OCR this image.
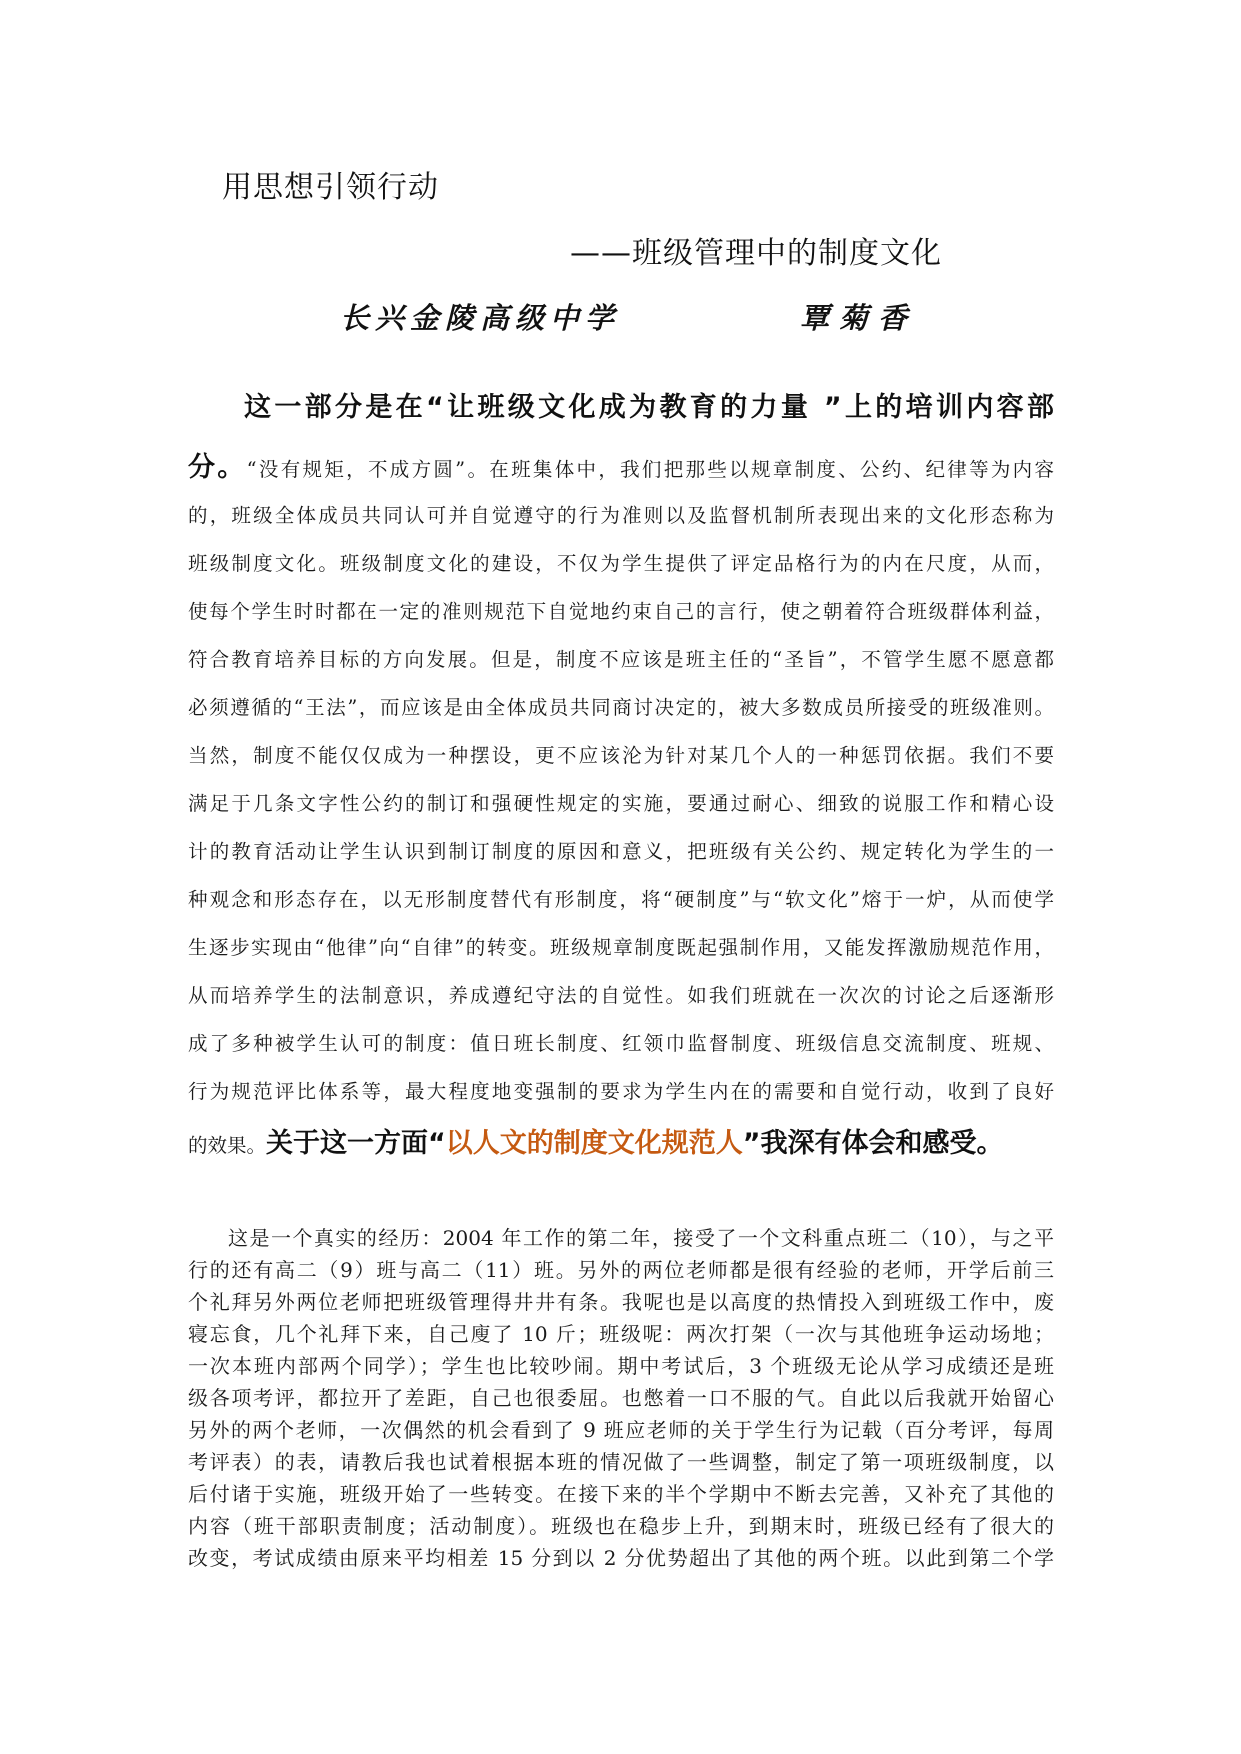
用思想引领行动
——班级管理中的制度文化
长兴金陵高级中学	覃菊香
这一部分是在“让班级文化成为教育的力量 ”上的培训内容部
分。“没有规矩，不成方圆”。在班集体中，我们把那些以规章制度、公约、纪律等为内容
的，班级全体成员共同认可并自觉遵守的行为准则以及监督机制所表现出来的文化形态称为
班级制度文化。班级制度文化的建设，不仅为学生提供了评定品格行为的内在尺度，从而，
使每个学生时时都在一定的准则规范下自觉地约束自己的言行，使之朝着符合班级群体利益，
符合教育培养目标的方向发展。但是，制度不应该是班主任的“圣旨”，不管学生愿不愿意都
必须遵循的“王法”，而应该是由全体成员共同商讨决定的，被大多数成员所接受的班级准则。
当然，制度不能仅仅成为一种摆设，更不应该沦为针对某几个人的一种惩罚依据。我们不要
满足于几条文字性公约的制订和强硬性规定的实施，要通过耐心、细致的说服工作和精心设
计的教育活动让学生认识到制订制度的原因和意义，把班级有关公约、规定转化为学生的一
种观念和形态存在，以无形制度替代有形制度，将“硬制度”与“软文化”熔于一炉，从而使学
生逐步实现由“他律”向“自律”的转变。班级规章制度既起强制作用，又能发挥激励规范作用，
从而培养学生的法制意识，养成遵纪守法的自觉性。如我们班就在一次次的讨论之后逐渐形
成了多种被学生认可的制度：值日班长制度、红领巾监督制度、班级信息交流制度、班规、
行为规范评比体系等，最大程度地变强制的要求为学生内在的需要和自觉行动，收到了良好
的效果。关于这一方面“以人文的制度文化规范人”我深有体会和感受。
这是一个真实的经历：2004 年工作的第二年，接受了一个文科重点班二（10），与之平
行的还有高二（9）班与高二（11）班。另外的两位老师都是很有经验的老师，开学后前三
个礼拜另外两位老师把班级管理得井井有条。我呢也是以高度的热情投入到班级工作中，废
寝忘食，几个礼拜下来，自己廋了 10 斤；班级呢：两次打架（一次与其他班争运动场地；
一次本班内部两个同学）；学生也比较吵闹。期中考试后，3 个班级无论从学习成绩还是班
级各项考评，都拉开了差距，自己也很委屈。也憋着一口不服的气。自此以后我就开始留心
另外的两个老师，一次偶然的机会看到了 9 班应老师的关于学生行为记载（百分考评，每周
考评表）的表，请教后我也试着根据本班的情况做了一些调整，制定了第一项班级制度，以
后付诸于实施，班级开始了一些转变。在接下来的半个学期中不断去完善，又补充了其他的
内容（班干部职责制度；活动制度）。班级也在稳步上升，到期末时，班级已经有了很大的
改变，考试成绩由原来平均相差 15 分到以 2 分优势超出了其他的两个班。以此到第二个学
